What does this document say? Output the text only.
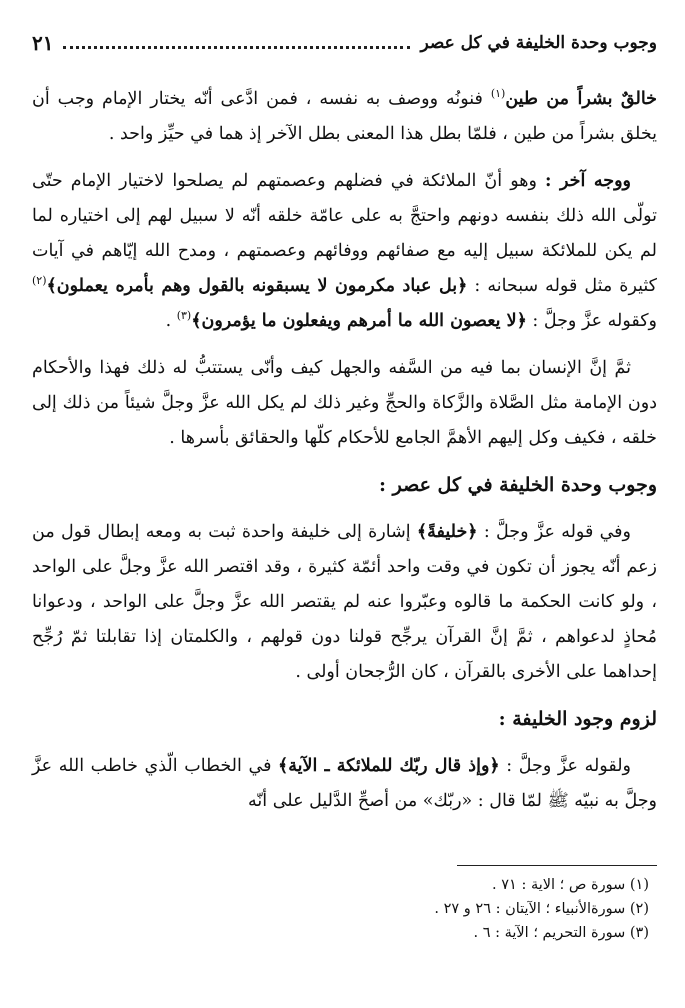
وجوب وحدة الخليفة في كل عصر
٢١

خالقٌ بشراً من طين$^{(١)}$ فنونُه ووصف به نفسه ، فمن ادَّعى أنّه يختار الإمام وجب أن يخلق بشراً من طين ، فلمّا بطل هذا المعنى بطل الآخر إذ هما في حيِّز واحد .

ووجه آخر : وهو أنّ الملائكة في فضلهم وعصمتهم لم يصلحوا لاختيار الإمام حتّى تولّى الله ذلك بنفسه دونهم واحتجَّ به على عامّة خلقه أنّه لا سبيل لهم إلى اختياره لما لم يكن للملائكة سبيل إليه مع صفائهم ووفائهم وعصمتهم ، ومدح الله إيّاهم في آيات كثيرة مثل قوله سبحانه : ﴿بل عباد مكرمون لا يسبقونه بالقول وهم بأمره يعملون﴾$^{(٢)}$ وكقوله عزَّ وجلَّ : ﴿لا يعصون الله ما أمرهم ويفعلون ما يؤمرون﴾$^{(٣)}$ .

ثمَّ إنَّ الإنسان بما فيه من السَّفه والجهل كيف وأنّى يستتبُّ له ذلك فهذا والأحكام دون الإمامة مثل الصَّلاة والزَّكاة والحجِّ وغير ذلك لم يكل الله عزَّ وجلَّ شيئاً من ذلك إلى خلقه ، فكيف وكل إليهم الأهمَّ الجامع للأحكام كلّها والحقائق بأسرها .

وجوب وحدة الخليفة في كل عصر :

وفي قوله عزَّ وجلَّ : ﴿خليفةً﴾ إشارة إلى خليفة واحدة ثبت به ومعه إبطال قول من زعم أنّه يجوز أن تكون في وقت واحد أئمّة كثيرة ، وقد اقتصر الله عزَّ وجلَّ على الواحد ، ولو كانت الحكمة ما قالوه وعبّروا عنه لم يقتصر الله عزَّ وجلَّ على الواحد ، ودعوانا مُحاذٍ لدعواهم ، ثمَّ إنَّ القرآن يرجِّح قولنا دون قولهم ، والكلمتان إذا تقابلتا ثمّ رُجِّح إحداهما على الأخرى بالقرآن ، كان الرُّجحان أولى .

لزوم وجود الخليفة :

ولقوله عزَّ وجلَّ : ﴿وإذ قال ربّك للملائكة ـ الآية﴾ في الخطاب الّذي خاطب الله عزَّ وجلَّ به نبيّه ﷺ لمّا قال : «ربّك» من أصحِّ الدَّليل على أنّه

(١) سورة ص ؛ الاية : ٧١ .
(٢) سورةالأنبياء ؛ الآيتان : ٢٦ و ٢٧ .
(٣) سورة التحريم ؛ الآية : ٦ .
